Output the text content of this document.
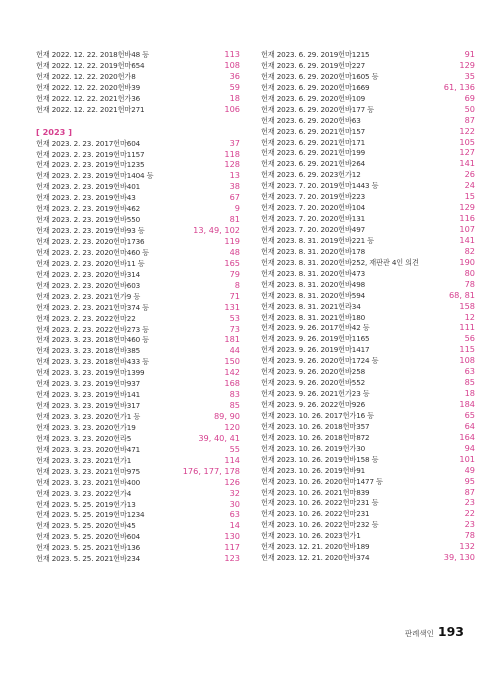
헌재 2022. 12. 22. 2018헌바48 등	113
헌재 2022. 12. 22. 2019헌마654	108
헌재 2022. 12. 22. 2020헌가8	36
헌재 2022. 12. 22. 2020헌바39	59
헌재 2022. 12. 22. 2021헌가36	18
헌재 2022. 12. 22. 2021헌마271	106
[ 2023 ]
헌재 2023. 2. 23. 2017헌마604	37
헌재 2023. 2. 23. 2019헌마1157	118
헌재 2023. 2. 23. 2019헌마1235	128
헌재 2023. 2. 23. 2019헌마1404 등	13
헌재 2023. 2. 23. 2019헌바401	38
헌재 2023. 2. 23. 2019헌바43	67
헌재 2023. 2. 23. 2019헌바462	9
헌재 2023. 2. 23. 2019헌바550	81
헌재 2023. 2. 23. 2019헌바93 등	13, 49, 102
헌재 2023. 2. 23. 2020헌마1736	119
헌재 2023. 2. 23. 2020헌마460 등	48
헌재 2023. 2. 23. 2020헌바11 등	165
헌재 2023. 2. 23. 2020헌바314	79
헌재 2023. 2. 23. 2020헌바603	8
헌재 2023. 2. 23. 2021헌가9 등	71
헌재 2023. 2. 23. 2021헌마374 등	131
헌재 2023. 2. 23. 2022헌마22	53
헌재 2023. 2. 23. 2022헌바273 등	73
헌재 2023. 3. 23. 2018헌마460 등	181
헌재 2023. 3. 23. 2018헌바385	44
헌재 2023. 3. 23. 2018헌바433 등	150
헌재 2023. 3. 23. 2019헌마1399	142
헌재 2023. 3. 23. 2019헌마937	168
헌재 2023. 3. 23. 2019헌바141	83
헌재 2023. 3. 23. 2019헌바317	85
헌재 2023. 3. 23. 2020헌가1 등	89, 90
헌재 2023. 3. 23. 2020헌가19	120
헌재 2023. 3. 23. 2020헌라5	39, 40, 41
헌재 2023. 3. 23. 2020헌바471	55
헌재 2023. 3. 23. 2021헌가1	114
헌재 2023. 3. 23. 2021헌마975	176, 177, 178
헌재 2023. 3. 23. 2021헌바400	126
헌재 2023. 3. 23. 2022헌가4	32
헌재 2023. 5. 25. 2019헌가13	30
헌재 2023. 5. 25. 2019헌마1234	63
헌재 2023. 5. 25. 2020헌바45	14
헌재 2023. 5. 25. 2020헌바604	130
헌재 2023. 5. 25. 2021헌바136	117
헌재 2023. 5. 25. 2021헌바234	123
헌재 2023. 6. 29. 2019헌마1215	91
헌재 2023. 6. 29. 2019헌마227	129
헌재 2023. 6. 29. 2020헌마1605 등	35
헌재 2023. 6. 29. 2020헌마1669	61, 136
헌재 2023. 6. 29. 2020헌바109	69
헌재 2023. 6. 29. 2020헌바177 등	50
헌재 2023. 6. 29. 2020헌바63	87
헌재 2023. 6. 29. 2021헌마157	122
헌재 2023. 6. 29. 2021헌마171	105
헌재 2023. 6. 29. 2021헌마199	127
헌재 2023. 6. 29. 2021헌바264	141
헌재 2023. 6. 29. 2023헌가12	26
헌재 2023. 7. 20. 2019헌마1443 등	24
헌재 2023. 7. 20. 2019헌바223	15
헌재 2023. 7. 20. 2020헌바104	129
헌재 2023. 7. 20. 2020헌바131	116
헌재 2023. 7. 20. 2020헌바497	107
헌재 2023. 8. 31. 2019헌바221 등	141
헌재 2023. 8. 31. 2020헌바178	82
헌재 2023. 8. 31. 2020헌바252, 재판관 4인 의견	190
헌재 2023. 8. 31. 2020헌바473	80
헌재 2023. 8. 31. 2020헌바498	78
헌재 2023. 8. 31. 2020헌바594	68, 81
헌재 2023. 8. 31. 2021헌라34	158
헌재 2023. 8. 31. 2021헌바180	12
헌재 2023. 9. 26. 2017헌바42 등	111
헌재 2023. 9. 26. 2019헌마1165	56
헌재 2023. 9. 26. 2019헌마1417	115
헌재 2023. 9. 26. 2020헌마1724 등	108
헌재 2023. 9. 26. 2020헌바258	63
헌재 2023. 9. 26. 2020헌바552	85
헌재 2023. 9. 26. 2021헌가23 등	18
헌재 2023. 9. 26. 2022헌마926	184
헌재 2023. 10. 26. 2017헌가16 등	65
헌재 2023. 10. 26. 2018헌마357	64
헌재 2023. 10. 26. 2018헌마872	164
헌재 2023. 10. 26. 2019헌가30	94
헌재 2023. 10. 26. 2019헌바158 등	101
헌재 2023. 10. 26. 2019헌바91	49
헌재 2023. 10. 26. 2020헌마1477 등	95
헌재 2023. 10. 26. 2021헌마839	87
헌재 2023. 10. 26. 2022헌마231 등	23
헌재 2023. 10. 26. 2022헌마231	22
헌재 2023. 10. 26. 2022헌마232 등	23
헌재 2023. 10. 26. 2023헌가1	78
헌재 2023. 12. 21. 2020헌바189	132
헌재 2023. 12. 21. 2020헌바374	39, 130
판례색인 193
